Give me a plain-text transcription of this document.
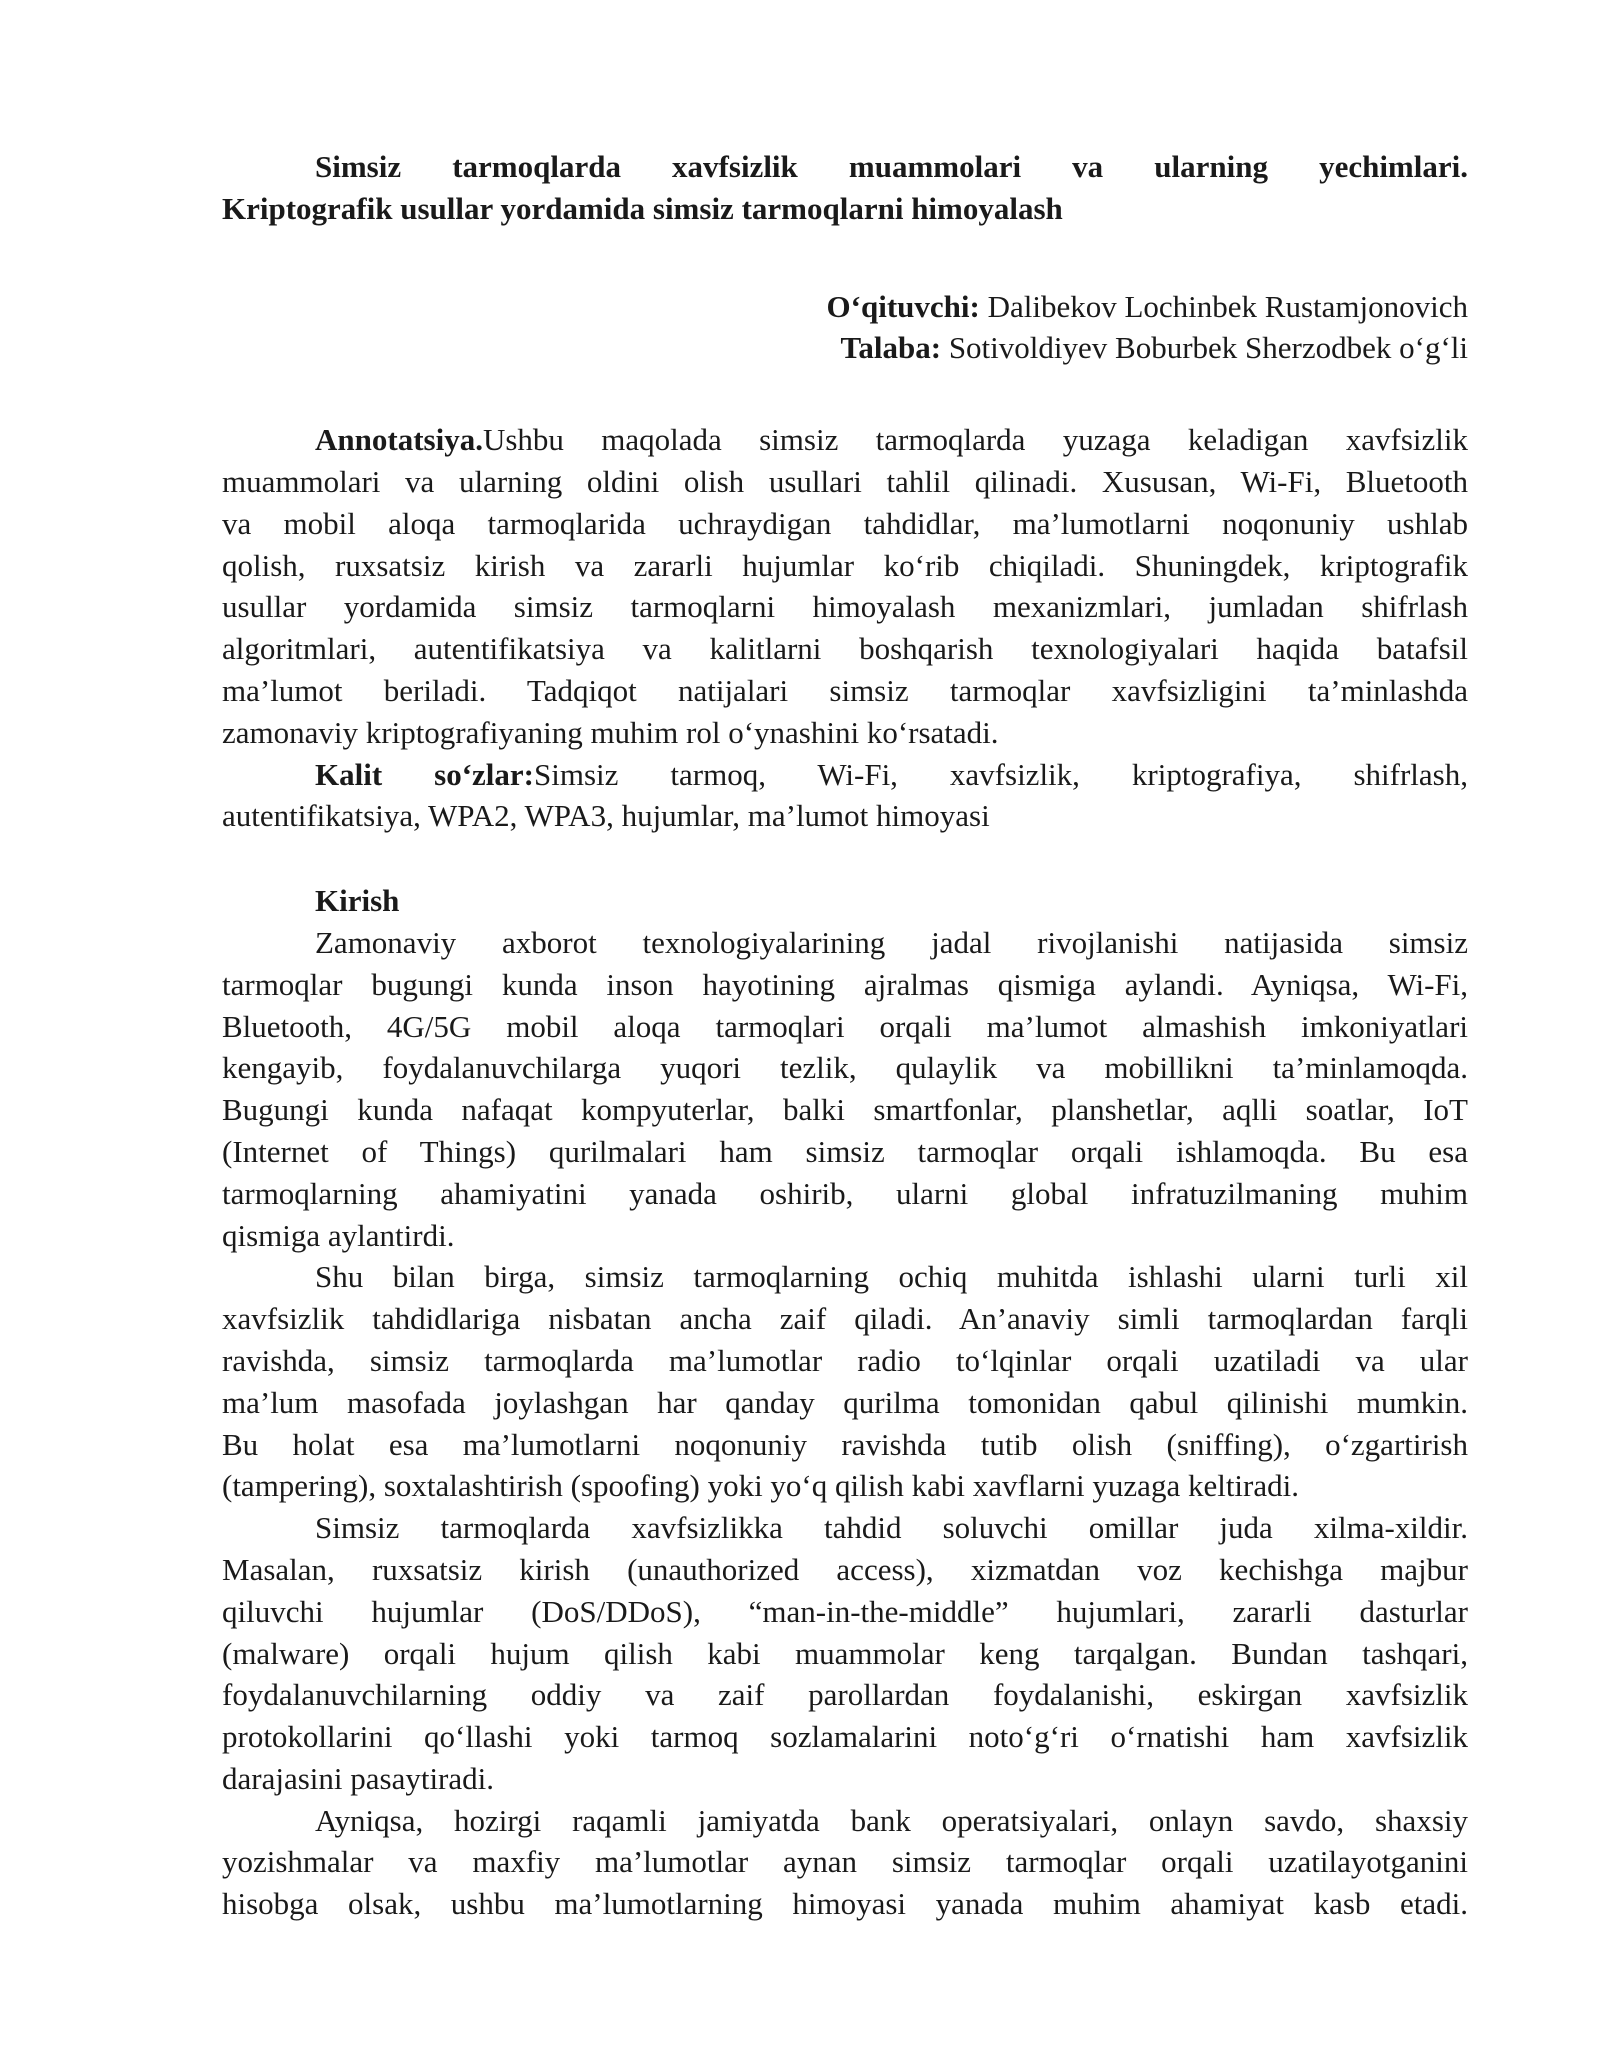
Simsiz tarmoqlarda xavfsizlik muammolari va ularning yechimlari.

Kriptografik usullar yordamida simsiz tarmoqlarni himoyalash

O‘qituvchi: Dalibekov Lochinbek Rustamjonovich

Talaba: Sotivoldiyev Boburbek Sherzodbek o‘g‘li

Annotatsiya.Ushbu maqolada simsiz tarmoqlarda yuzaga keladigan xavfsizlik

muammolari va ularning oldini olish usullari tahlil qilinadi. Xususan, Wi-Fi, Bluetooth

va mobil aloqa tarmoqlarida uchraydigan tahdidlar, ma’lumotlarni noqonuniy ushlab

qolish, ruxsatsiz kirish va zararli hujumlar ko‘rib chiqiladi. Shuningdek, kriptografik

usullar yordamida simsiz tarmoqlarni himoyalash mexanizmlari, jumladan shifrlash

algoritmlari, autentifikatsiya va kalitlarni boshqarish texnologiyalari haqida batafsil

ma’lumot beriladi. Tadqiqot natijalari simsiz tarmoqlar xavfsizligini ta’minlashda

zamonaviy kriptografiyaning muhim rol o‘ynashini ko‘rsatadi.

Kalit so‘zlar:Simsiz tarmoq, Wi-Fi, xavfsizlik, kriptografiya, shifrlash,

autentifikatsiya, WPA2, WPA3, hujumlar, ma’lumot himoyasi

Kirish

Zamonaviy axborot texnologiyalarining jadal rivojlanishi natijasida simsiz

tarmoqlar bugungi kunda inson hayotining ajralmas qismiga aylandi. Ayniqsa, Wi-Fi,

Bluetooth, 4G/5G mobil aloqa tarmoqlari orqali ma’lumot almashish imkoniyatlari

kengayib, foydalanuvchilarga yuqori tezlik, qulaylik va mobillikni ta’minlamoqda.

Bugungi kunda nafaqat kompyuterlar, balki smartfonlar, planshetlar, aqlli soatlar, IoT

(Internet of Things) qurilmalari ham simsiz tarmoqlar orqali ishlamoqda. Bu esa

tarmoqlarning ahamiyatini yanada oshirib, ularni global infratuzilmaning muhim

qismiga aylantirdi.

Shu bilan birga, simsiz tarmoqlarning ochiq muhitda ishlashi ularni turli xil

xavfsizlik tahdidlariga nisbatan ancha zaif qiladi. An’anaviy simli tarmoqlardan farqli

ravishda, simsiz tarmoqlarda ma’lumotlar radio to‘lqinlar orqali uzatiladi va ular

ma’lum masofada joylashgan har qanday qurilma tomonidan qabul qilinishi mumkin.

Bu holat esa ma’lumotlarni noqonuniy ravishda tutib olish (sniffing), o‘zgartirish

(tampering), soxtalashtirish (spoofing) yoki yo‘q qilish kabi xavflarni yuzaga keltiradi.

Simsiz tarmoqlarda xavfsizlikka tahdid soluvchi omillar juda xilma-xildir.

Masalan, ruxsatsiz kirish (unauthorized access), xizmatdan voz kechishga majbur

qiluvchi hujumlar (DoS/DDoS), “man-in-the-middle” hujumlari, zararli dasturlar

(malware) orqali hujum qilish kabi muammolar keng tarqalgan. Bundan tashqari,

foydalanuvchilarning oddiy va zaif parollardan foydalanishi, eskirgan xavfsizlik

protokollarini qo‘llashi yoki tarmoq sozlamalarini noto‘g‘ri o‘rnatishi ham xavfsizlik

darajasini pasaytiradi.

Ayniqsa, hozirgi raqamli jamiyatda bank operatsiyalari, onlayn savdo, shaxsiy

yozishmalar va maxfiy ma’lumotlar aynan simsiz tarmoqlar orqali uzatilayotganini

hisobga olsak, ushbu ma’lumotlarning himoyasi yanada muhim ahamiyat kasb etadi.
